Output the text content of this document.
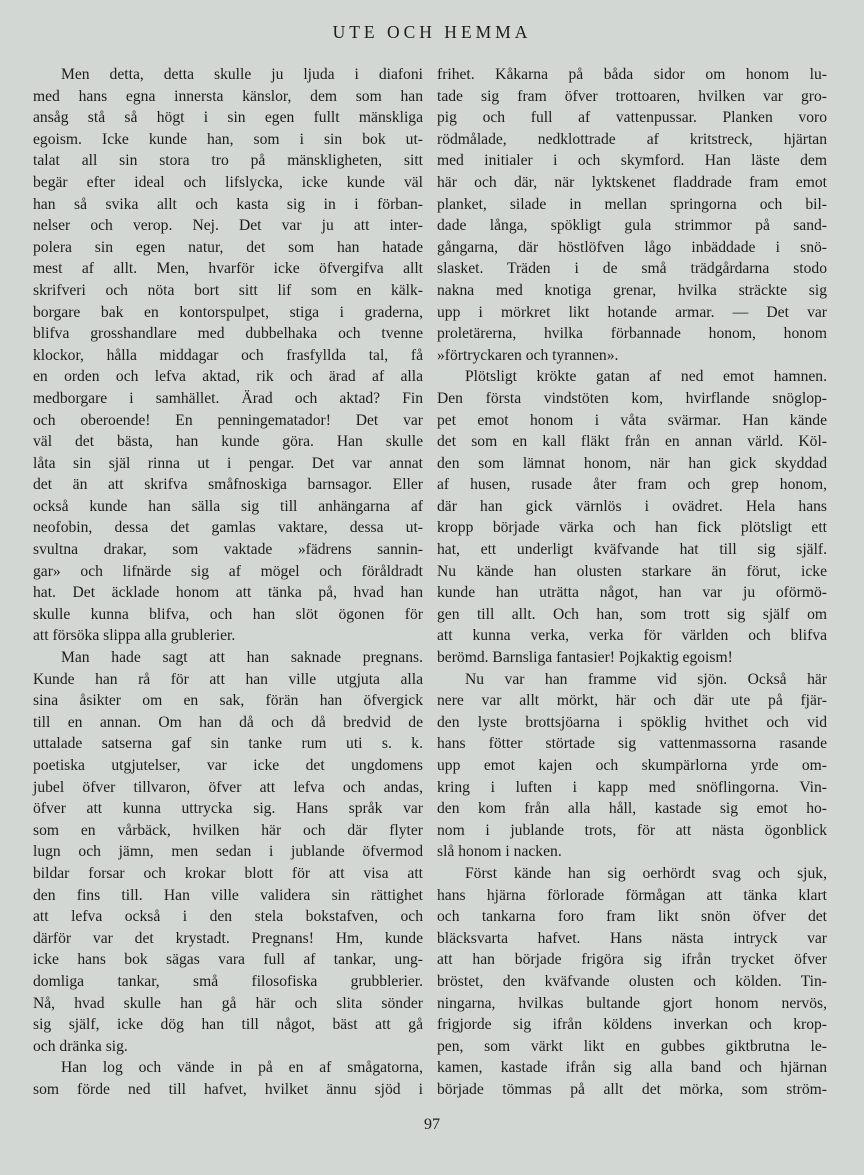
UTE OCH HEMMA
Men detta, detta skulle ju ljuda i diafoni
med hans egna innersta känslor, dem som han
ansåg stå så högt i sin egen fullt mänskliga
egoism. Icke kunde han, som i sin bok ut-
talat all sin stora tro på mänskligheten, sitt
begär efter ideal och lifslycka, icke kunde väl
han så svika allt och kasta sig in i förban-
nelser och verop. Nej. Det var ju att inter-
polera sin egen natur, det som han hatade
mest af allt. Men, hvarför icke öfvergifva allt
skrifveri och nöta bort sitt lif som en kälk-
borgare bak en kontorspulpet, stiga i graderna,
blifva grosshandlare med dubbelhaka och tvenne
klockor, hålla middagar och frasfyllda tal, få
en orden och lefva aktad, rik och ärad af alla
medborgare i samhället. Ärad och aktad? Fin
och oberoende! En penningematador! Det var
väl det bästa, han kunde göra. Han skulle
låta sin själ rinna ut i pengar. Det var annat
det än att skrifva småfnoskiga barnsagor. Eller
också kunde han sälla sig till anhängarna af
neofobin, dessa det gamlas vaktare, dessa ut-
svultna drakar, som vaktade »fädrens sannin-
gar» och lifnärde sig af mögel och föråldradt
hat. Det äcklade honom att tänka på, hvad han
skulle kunna blifva, och han slöt ögonen för
att försöka slippa alla grublerier.
Man hade sagt att han saknade pregnans.
Kunde han rå för att han ville utgjuta alla
sina åsikter om en sak, förän han öfvergick
till en annan. Om han då och då bredvid de
uttalade satserna gaf sin tanke rum uti s. k.
poetiska utgjutelser, var icke det ungdomens
jubel öfver tillvaron, öfver att lefva och andas,
öfver att kunna uttrycka sig. Hans språk var
som en vårbäck, hvilken här och där flyter
lugn och jämn, men sedan i jublande öfvermod
bildar forsar och krokar blott för att visa att
den fins till. Han ville validera sin rättighet
att lefva också i den stela bokstafven, och
därför var det krystadt. Pregnans! Hm, kunde
icke hans bok sägas vara full af tankar, ung-
domliga tankar, små filosofiska grubblerier.
Nå, hvad skulle han gå här och slita sönder
sig själf, icke dög han till något, bäst att gå
och dränka sig.
Han log och vände in på en af smågatorna,
som förde ned till hafvet, hvilket ännu sjöd i
frihet. Kåkarna på båda sidor om honom lu-
tade sig fram öfver trottoaren, hvilken var gro-
pig och full af vattenpussar. Planken voro
rödmålade, nedklottrade af kritstreck, hjärtan
med initialer i och skymford. Han läste dem
här och där, när lyktskenet fladdrade fram emot
planket, silade in mellan springorna och bil-
dade långa, spökligt gula strimmor på sand-
gångarna, där höstlöfven lågo inbäddade i snö-
slasket. Träden i de små trädgårdarna stodo
nakna med knotiga grenar, hvilka sträckte sig
upp i mörkret likt hotande armar. — Det var
proletärerna, hvilka förbannade honom, honom
»förtryckaren och tyrannen».
Plötsligt krökte gatan af ned emot hamnen.
Den första vindstöten kom, hvirflande snögl​op-
pet emot honom i våta svärmar. Han kände
det som en kall fläkt från en annan värld. Köl-
den som lämnat honom, när han gick skyddad
af husen, rusade åter fram och grep honom,
där han gick värnlös i ovädret. Hela hans
kropp började värka och han fick plötsligt ett
hat, ett underligt kväfvande hat till sig själf.
Nu kände han olusten starkare än förut, icke
kunde han uträtta något, han var ju oförmö-
gen till allt. Och han, som trott sig själf om
att kunna verka, verka för världen och blifva
berömd. Barnsliga fantasier! Pojkaktig egoism!
Nu var han framme vid sjön. Också här
nere var allt mörkt, här och där ute på fjär-
den lyste brottsjöarna i spöklig hvithet och vid
hans fötter störtade sig vattenmassorna rasande
upp emot kajen och skumpärlorna yrde om-
kring i luften i kapp med snöflingorna. Vin-
den kom från alla håll, kastade sig emot ho-
nom i jublande trots, för att nästa ögonblick
slå honom i nacken.
Först kände han sig oerhördt svag och sjuk,
hans hjärna förlorade förmågan att tänka klart
och tankarna foro fram likt snön öfver det
bläcksvarta hafvet. Hans nästa intryck var
att han började frigöra sig ifrån trycket öfver
bröstet, den kväfvande olusten och kölden. Tin-
ningarna, hvilkas bultande gjort honom nervös,
frigjorde sig ifrån köldens inverkan och krop-
pen, som värkt likt en gubbes giktbrutna le-
kamen, kastade ifrån sig alla band och hjärnan
började tömmas på allt det mörka, som ström-
97
